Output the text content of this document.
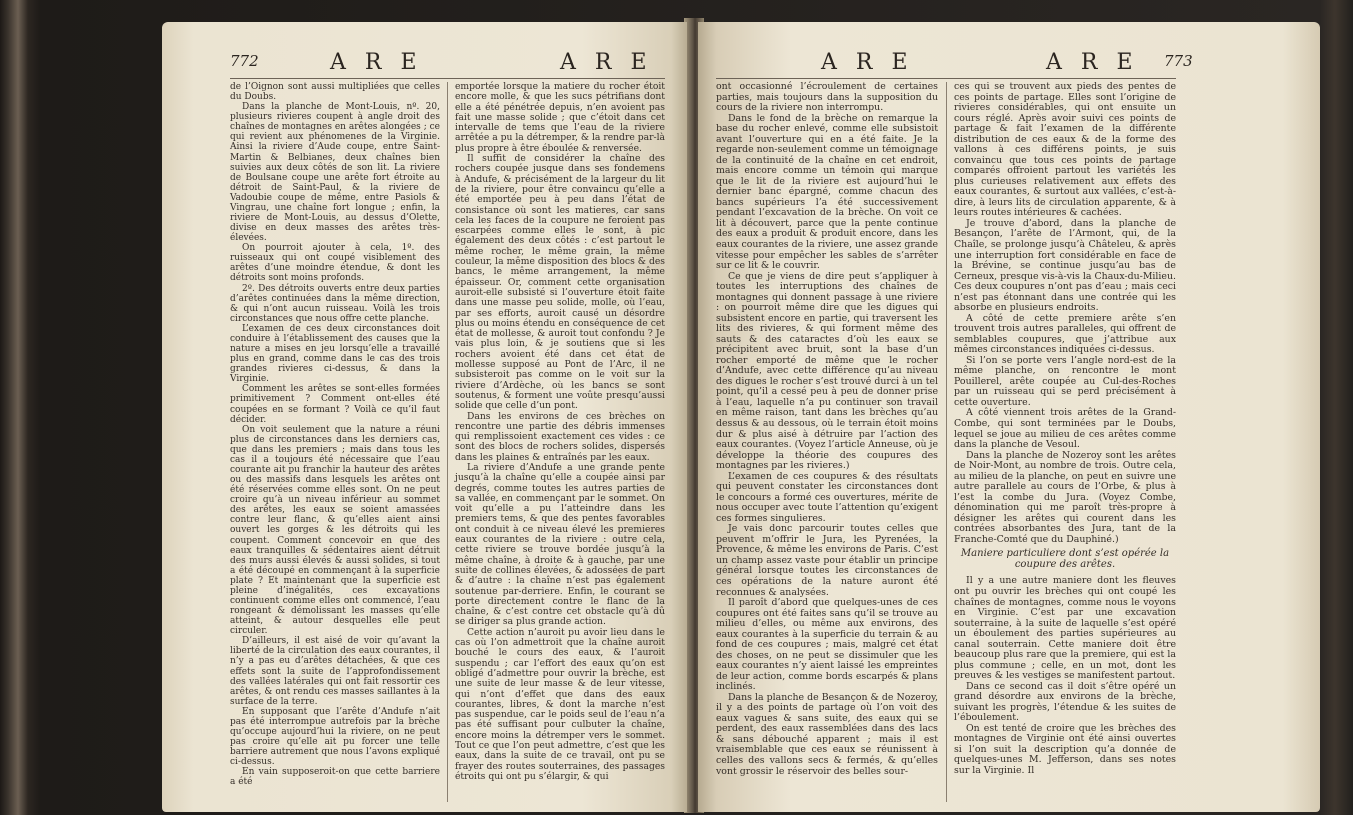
772	A R E	A R E

de l’Oignon sont aussi multipliées que celles du Doubs.

Dans la planche de Mont-Louis, nº. 20, plusieurs rivieres coupent à angle droit des chaînes de montagnes en arêtes alongées ; ce qui revient aux phénomenes de la Virginie. Ainsi la riviere d’Aude coupe, entre Saint-Martin & Belbianes, deux chaînes bien suivies aux deux côtés de son lit. La riviere de Boulsane coupe une arête fort étroite au détroit de Saint-Paul, & la riviere de Vadoubie coupe de même, entre Pasiols & Vingrau, une chaîne fort longue ; enfin, la riviere de Mont-Louis, au dessus d’Olette, divise en deux masses des arêtes très-élevées.

On pourroit ajouter à cela, 1º. des ruisseaux qui ont coupé visiblement des arêtes d’une moindre étendue, & dont les détroits sont moins profonds.

2º. Des détroits ouverts entre deux parties d’arêtes continuées dans la même direction, & qui n’ont aucun ruisseau. Voilà les trois circonstances que nous offre cette planche.

L’examen de ces deux circonstances doit conduire à l’établissement des causes que la nature a mises en jeu lorsqu’elle a travaillé plus en grand, comme dans le cas des trois grandes rivieres ci-dessus, & dans la Virginie.

Comment les arêtes se sont-elles formées primitivement ? Comment ont-elles été coupées en se formant ? Voilà ce qu’il faut décider.

On voit seulement que la nature a réuni plus de circonstances dans les derniers cas, que dans les premiers ; mais dans tous les cas il a toujours été nécessaire que l’eau courante ait pu franchir la hauteur des arêtes ou des massifs dans lesquels les arêtes ont été réservées comme elles sont. On ne peut croire qu’à un niveau inférieur au sommet des arêtes, les eaux se soient amassées contre leur flanc, & qu’elles aient ainsi ouvert les gorges & les détroits qui les coupent. Comment concevoir en que des eaux tranquilles & sédentaires aient détruit des murs aussi élevés & aussi solides, si tout a été découpé en commençant à la superficie plate ? Et maintenant que la superficie est pleine d’inégalités, ces excavations continuent comme elles ont commencé, l’eau rongeant & démolissant les masses qu’elle atteint, & autour desquelles elle peut circuler.

D’ailleurs, il est aisé de voir qu’avant la liberté de la circulation des eaux courantes, il n’y a pas eu d’arêtes détachées, & que ces effets sont la suite de l’approfondissement des vallées latérales qui ont fait ressortir ces arêtes, & ont rendu ces masses saillantes à la surface de la terre.

En supposant que l’arête d’Andufe n’ait pas été interrompue autrefois par la brèche qu’occupe aujourd’hui la riviere, on ne peut pas croire qu’elle ait pu forcer une telle barriere autrement que nous l’avons expliqué ci-dessus.

En vain supposeroit-on que cette barriere a été

emportée lorsque la matiere du rocher étoit encore molle, & que les sucs pétrifians dont elle a été pénétrée depuis, n’en avoient pas fait une masse solide ; que c’étoit dans cet intervalle de tems que l’eau de la riviere arrêtée a pu la détremper, & la rendre par-là plus propre à être éboulée & renversée.

Il suffit de considérer la chaîne des rochers coupée jusque dans ses fondemens à Andufe, & précisément de la largeur du lit de la riviere, pour être convaincu qu’elle a été emportée peu à peu dans l’état de consistance où sont les matieres, car sans cela les faces de la coupure ne feroient pas escarpées comme elles le sont, à pic également des deux côtés : c’est partout le même rocher, le même grain, la même couleur, la même disposition des blocs & des bancs, le même arrangement, la même épaisseur. Or, comment cette organisation auroit-elle subsisté si l’ouverture étoit faite dans une masse peu solide, molle, où l’eau, par ses efforts, auroit causé un désordre plus ou moins étendu en conséquence de cet état de mollesse, & auroit tout confondu ? Je vais plus loin, & je soutiens que si les rochers avoient été dans cet état de mollesse supposé au Pont de l’Arc, il ne subsisteroit pas comme on le voit sur la riviere d’Ardèche, où les bancs se sont soutenus, & forment une voûte presqu’aussi solide que celle d’un pont.

Dans les environs de ces brèches on rencontre une partie des débris immenses qui remplissoient exactement ces vides : ce sont des blocs de rochers solides, dispersés dans les plaines & entraînés par les eaux.

La riviere d’Andufe a une grande pente jusqu’à la chaîne qu’elle a coupée ainsi par degrés, comme toutes les autres parties de sa vallée, en commençant par le sommet. On voit qu’elle a pu l’atteindre dans les premiers tems, & que des pentes favorables ont conduit à ce niveau élevé les premieres eaux courantes de la riviere : outre cela, cette riviere se trouve bordée jusqu’à la même chaîne, à droite & à gauche, par une suite de collines élevées, & adossées de part & d’autre : la chaîne n’est pas également soutenue par-derriere. Enfin, le courant se porte directement contre le flanc de la chaîne, & c’est contre cet obstacle qu’à dû se diriger sa plus grande action.

Cette action n’auroit pu avoir lieu dans le cas où l’on admettroit que la chaîne auroit bouché le cours des eaux, & l’auroit suspendu ; car l’effort des eaux qu’on est obligé d’admettre pour ouvrir la brèche, est une suite de leur masse & de leur vitesse, qui n’ont d’effet que dans des eaux courantes, libres, & dont la marche n’est pas suspendue, car le poids seul de l’eau n’a pas été suffisant pour culbuter la chaîne, encore moins la détremper vers le sommet. Tout ce que l’on peut admettre, c’est que les eaux, dans la suite de ce travail, ont pu se frayer des routes souterraines, des passages étroits qui ont pu s’élargir, & qui

A R E	A R E 773

ont occasionné l’écroulement de certaines parties, mais toujours dans la supposition du cours de la riviere non interrompu.

Dans le fond de la brèche on remarque la base du rocher enlevé, comme elle subsistoit avant l’ouverture qui en a été faite. Je la regarde non-seulement comme un témoignage de la continuité de la chaîne en cet endroit, mais encore comme un témoin qui marque que le lit de la riviere est aujourd’hui le dernier banc épargné, comme chacun des bancs supérieurs l’a été successivement pendant l’excavation de la brèche. On voit ce lit à découvert, parce que la pente continue des eaux a produit & produit encore, dans les eaux courantes de la riviere, une assez grande vitesse pour empêcher les sables de s’arrêter sur ce lit & le couvrir.

Ce que je viens de dire peut s’appliquer à toutes les interruptions des chaînes de montagnes qui donnent passage à une riviere : on pourroit même dire que les digues qui subsistent encore en partie, qui traversent les lits des rivieres, & qui forment même des sauts & des cataractes d’où les eaux se précipitent avec bruit, sont la base d’un rocher emporté de même que le rocher d’Andufe, avec cette différence qu’au niveau des digues le rocher s’est trouvé durci à un tel point, qu’il a cessé peu à peu de donner prise à l’eau, laquelle n’a pu continuer son travail en même raison, tant dans les brèches qu’au dessus & au dessous, où le terrain étoit moins dur & plus aisé à détruire par l’action des eaux courantes. (Voyez l’article Anneuse, où je développe la théorie des coupures des montagnes par les rivieres.)

L’examen de ces coupures & des résultats qui peuvent constater les circonstances dont le concours a formé ces ouvertures, mérite de nous occuper avec toute l’attention qu’exigent ces formes singulieres.

Je vais donc parcourir toutes celles que peuvent m’offrir le Jura, les Pyrenées, la Provence, & même les environs de Paris. C’est un champ assez vaste pour établir un principe général lorsque toutes les circonstances de ces opérations de la nature auront été reconnues & analysées.

Il paroît d’abord que quelques-unes de ces coupures ont été faites sans qu’il se trouve au milieu d’elles, ou même aux environs, des eaux courantes à la superficie du terrain & au fond de ces coupures ; mais, malgré cet état des choses, on ne peut se dissimuler que les eaux courantes n’y aient laissé les empreintes de leur action, comme bords escarpés & plans inclinés.

Dans la planche de Besançon & de Nozeroy, il y a des points de partage où l’on voit des eaux vagues & sans suite, des eaux qui se perdent, des eaux rassemblées dans des lacs & sans débouché apparent ; mais il est vraisemblable que ces eaux se réunissent à celles des vallons secs & fermés, & qu’elles vont grossir le réservoir des belles sour-

ces qui se trouvent aux pieds des pentes de ces points de partage. Elles sont l’origine de rivieres considérables, qui ont ensuite un cours réglé. Après avoir suivi ces points de partage & fait l’examen de la différente distribution de ces eaux & de la forme des vallons à ces différens points, je suis convaincu que tous ces points de partage comparés offroient partout les variétés les plus curieuses relativement aux effets des eaux courantes, & surtout aux vallées, c’est-à-dire, à leurs lits de circulation apparente, & à leurs routes intérieures & cachées.

Je trouve d’abord, dans la planche de Besançon, l’arête de l’Armont, qui, de la Chaîle, se prolonge jusqu’à Châteleu, & après une interruption fort considérable en face de la Brévine, se continue jusqu’au bas de Cerneux, presque vis-à-vis la Chaux-du-Milieu. Ces deux coupures n’ont pas d’eau ; mais ceci n’est pas étonnant dans une contrée qui les absorbe en plusieurs endroits.

A côté de cette premiere arête s’en trouvent trois autres paralleles, qui offrent de semblables coupures, que j’attribue aux mêmes circonstances indiquées ci-dessus.

Si l’on se porte vers l’angle nord-est de la même planche, on rencontre le mont Pouillerel, arête coupée au Cul-des-Roches par un ruisseau qui se perd précisément à cette ouverture.

A côté viennent trois arêtes de la Grand-Combe, qui sont terminées par le Doubs, lequel se joue au milieu de ces arêtes comme dans la planche de Vesoul.

Dans la planche de Nozeroy sont les arêtes de Noir-Mont, au nombre de trois. Outre cela, au milieu de la planche, on peut en suivre une autre parallele au cours de l’Orbe, & plus à l’est la combe du Jura. (Voyez Combe, dénomination qui me paroît très-propre à désigner les arêtes qui courent dans les contrées absorbantes des Jura, tant de la Franche-Comté que du Dauphiné.)

Maniere particuliere dont s’est opérée la coupure des arêtes.

Il y a une autre maniere dont les fleuves ont pu ouvrir les brèches qui ont coupé les chaînes de montagnes, comme nous le voyons en Virginie. C’est par une excavation souterraine, à la suite de laquelle s’est opéré un éboulement des parties supérieures au canal souterrain. Cette maniere doit être beaucoup plus rare que la premiere, qui est la plus commune ; celle, en un mot, dont les preuves & les vestiges se manifestent partout.

Dans ce second cas il doit s’être opéré un grand désordre aux environs de la brèche, suivant les progrès, l’étendue & les suites de l’éboulement.

On est tenté de croire que les brèches des montagnes de Virginie ont été ainsi ouvertes si l’on suit la description qu’a donnée de quelques-unes M. Jefferson, dans ses notes sur la Virginie. Il
